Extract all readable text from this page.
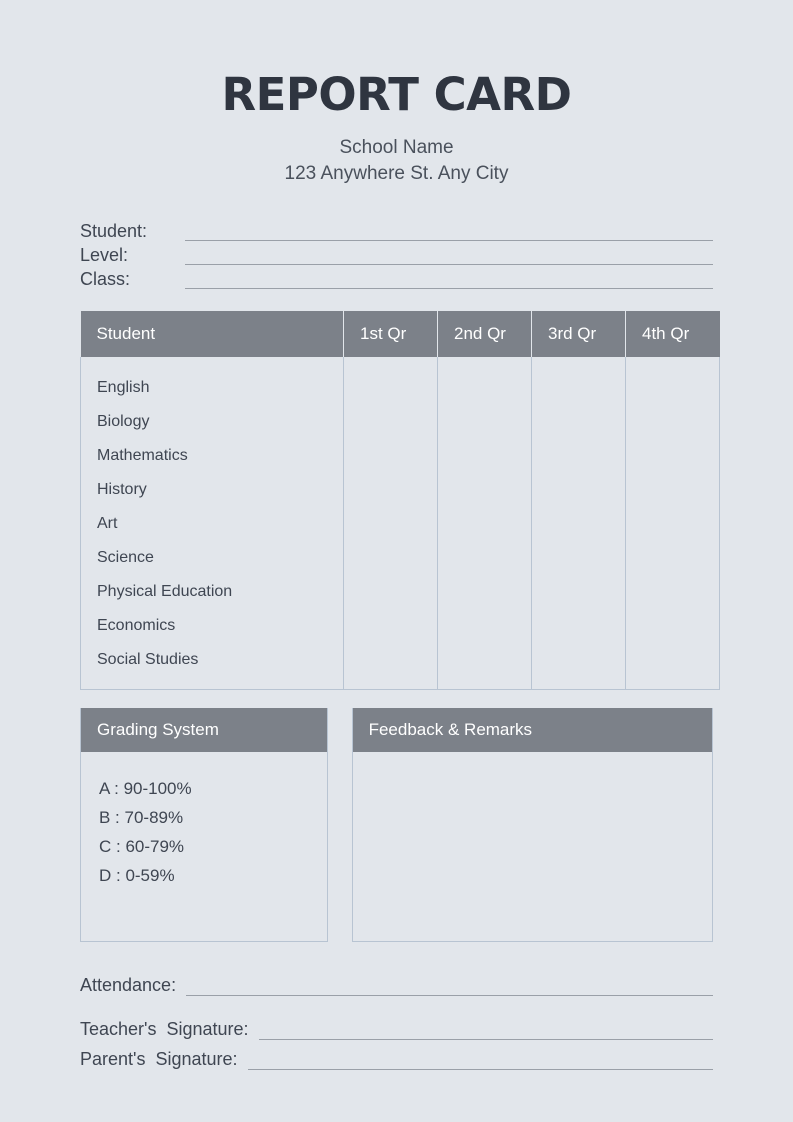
REPORT CARD
School Name
123 Anywhere St. Any City
Student:
Level:
Class:
Student	1st Qr	2nd Qr	3rd Qr	4th Qr

English				
Biology				
Mathematics				
History				
Art				
Science				
Physical Education				
Economics				
Social Studies				

Grading System
A : 90-100%
B : 70-89%
C : 60-79%
D : 0-59%
Feedback & Remarks
Attendance:
Teacher's  Signature:
Parent's  Signature:
